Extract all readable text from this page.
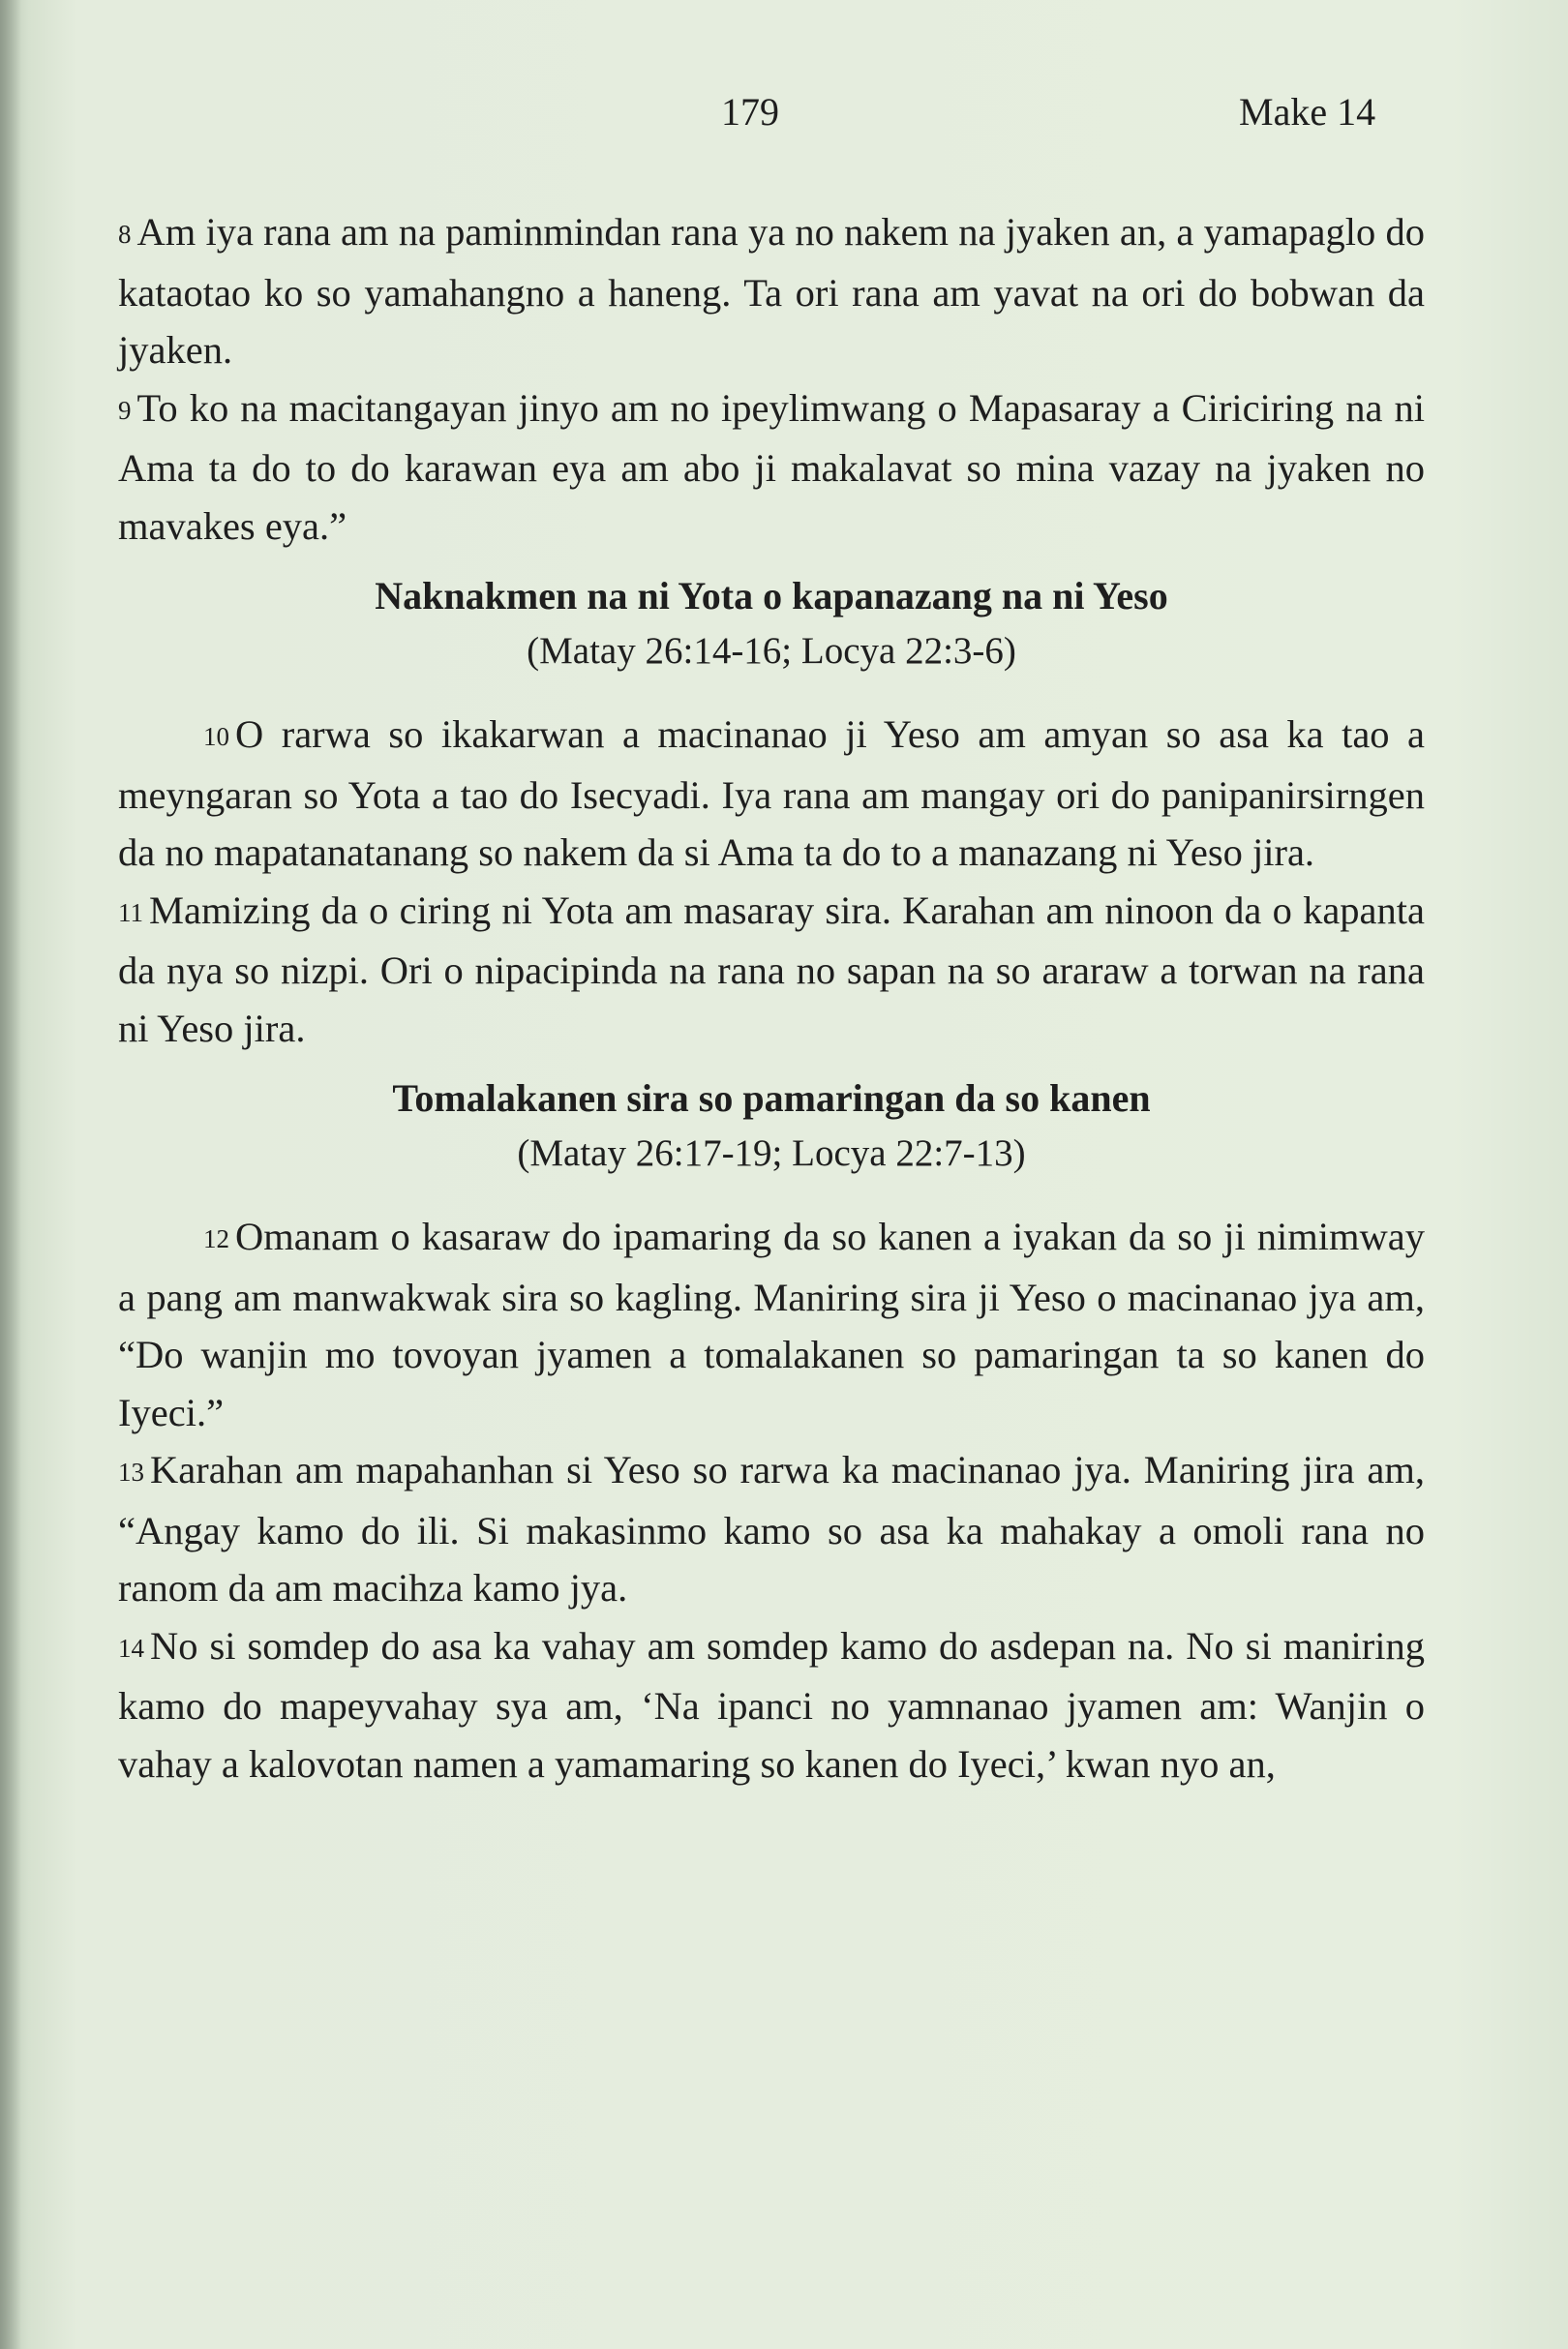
179	Make 14

8 Am iya rana am na paminmindan rana ya no nakem na jyaken an, a yamapaglo do kataotao ko so yamahangno a haneng. Ta ori rana am yavat na ori do bobwan da jyaken.

9 To ko na macitangayan jinyo am no ipeylimwang o Mapasaray a Ciriciring na ni Ama ta do to do karawan eya am abo ji makalavat so mina vazay na jyaken no mavakes eya.”

Naknakmen na ni Yota o kapanazang na ni Yeso
(Matay 26:14-16; Locya 22:3-6)

10 O rarwa so ikakarwan a macinanao ji Yeso am amyan so asa ka tao a meyngaran so Yota a tao do Isecyadi. Iya rana am mangay ori do panipanirsirngen da no mapatanatanang so nakem da si Ama ta do to a manazang ni Yeso jira.

11 Mamizing da o ciring ni Yota am masaray sira. Karahan am ninoon da o kapanta da nya so nizpi. Ori o nipacipinda na rana no sapan na so araraw a torwan na rana ni Yeso jira.

Tomalakanen sira so pamaringan da so kanen
(Matay 26:17-19; Locya 22:7-13)

12 Omanam o kasaraw do ipamaring da so kanen a iyakan da so ji nimimway a pang am manwakwak sira so kagling. Maniring sira ji Yeso o macinanao jya am, “Do wanjin mo tovoyan jyamen a tomalakanen so pamaringan ta so kanen do Iyeci.”

13 Karahan am mapahanhan si Yeso so rarwa ka macinanao jya. Maniring jira am, “Angay kamo do ili. Si makasinmo kamo so asa ka mahakay a omoli rana no ranom da am macihza kamo jya.

14 No si somdep do asa ka vahay am somdep kamo do asdepan na. No si maniring kamo do mapeyvahay sya am, ‘Na ipanci no yamnanao jyamen am: Wanjin o vahay a kalovotan namen a yamamaring so kanen do Iyeci,’ kwan nyo an,
